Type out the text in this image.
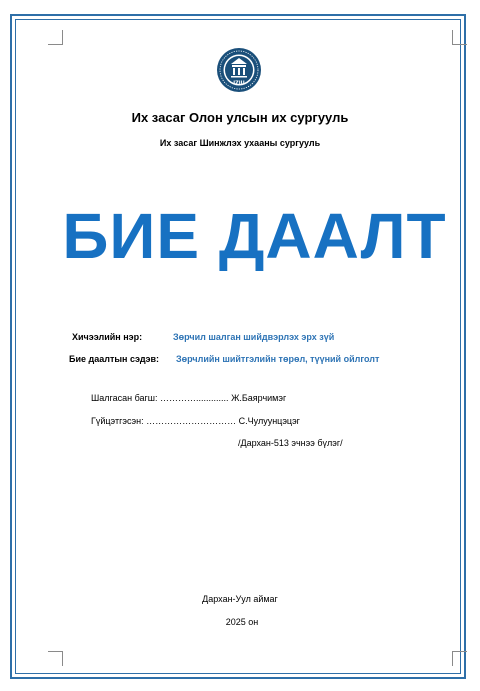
IZIU
Их засаг Олон улсын их сургууль
Их засаг Шинжлэх ухааны сургууль
БИЕ ДААЛТ
Хичээлийн нэр:	Зөрчил шалган шийдвэрлэх эрх зүй
Бие даалтын сэдэв: Зөрчлийн шийтгэлийн төрөл, түүний ойлголт
Шалгасан багш: …………............. Ж.Баярчимэг
Гүйцэтгэсэн: ………………………… С.Чулуунцэцэг
/Дархан-513 эчнээ бүлэг/
Дархан-Уул аймаг
2025 он
